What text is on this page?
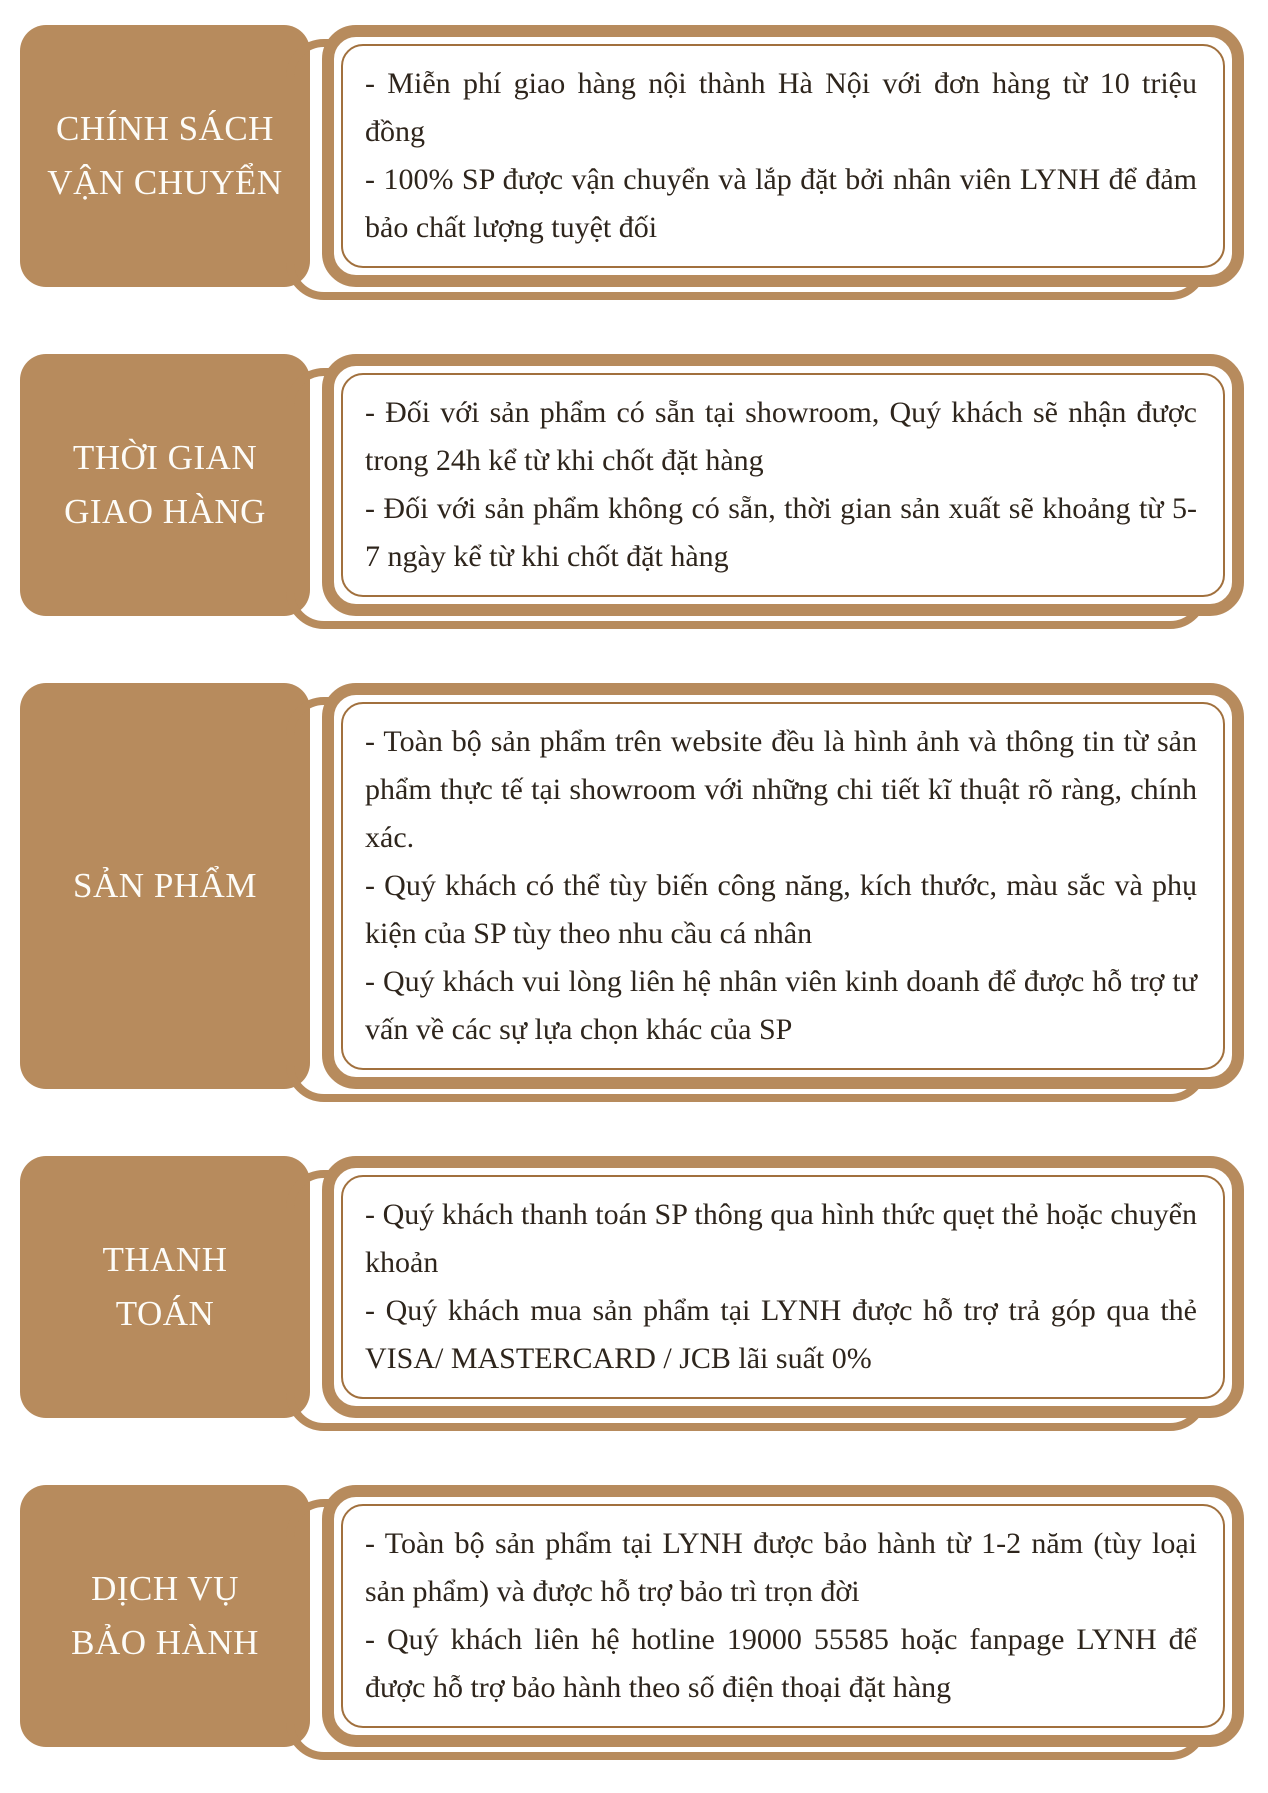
CHÍNH SÁCH
VẬN CHUYỂN

- Miễn phí giao hàng nội thành Hà Nội với đơn hàng từ 10 triệu đồng

- 100% SP được vận chuyển và lắp đặt bởi nhân viên LYNH để đảm bảo chất lượng tuyệt đối

THỜI GIAN
GIAO HÀNG

- Đối với sản phẩm có sẵn tại showroom, Quý khách sẽ nhận được trong 24h kể từ khi chốt đặt hàng

- Đối với sản phẩm không có sẵn, thời gian sản xuất sẽ khoảng từ 5-7 ngày kể từ khi chốt đặt hàng

SẢN PHẨM

- Toàn bộ sản phẩm trên website đều là hình ảnh và thông tin từ sản phẩm thực tế tại showroom với những chi tiết kĩ thuật rõ ràng, chính xác.

- Quý khách có thể tùy biến công năng, kích thước, màu sắc và phụ kiện của SP tùy theo nhu cầu cá nhân

- Quý khách vui lòng liên hệ nhân viên kinh doanh để được hỗ trợ tư vấn về các sự lựa chọn khác của SP

THANH
TOÁN

- Quý khách thanh toán SP thông qua hình thức quẹt thẻ hoặc chuyển khoản

- Quý khách mua sản phẩm tại LYNH được hỗ trợ trả góp qua thẻ VISA/ MASTERCARD / JCB lãi suất 0%

DỊCH VỤ
BẢO HÀNH

- Toàn bộ sản phẩm tại LYNH được bảo hành từ 1-2 năm (tùy loại sản phẩm) và được hỗ trợ bảo trì trọn đời

- Quý khách liên hệ hotline 19000 55585 hoặc fanpage LYNH để được hỗ trợ bảo hành theo số điện thoại đặt hàng
